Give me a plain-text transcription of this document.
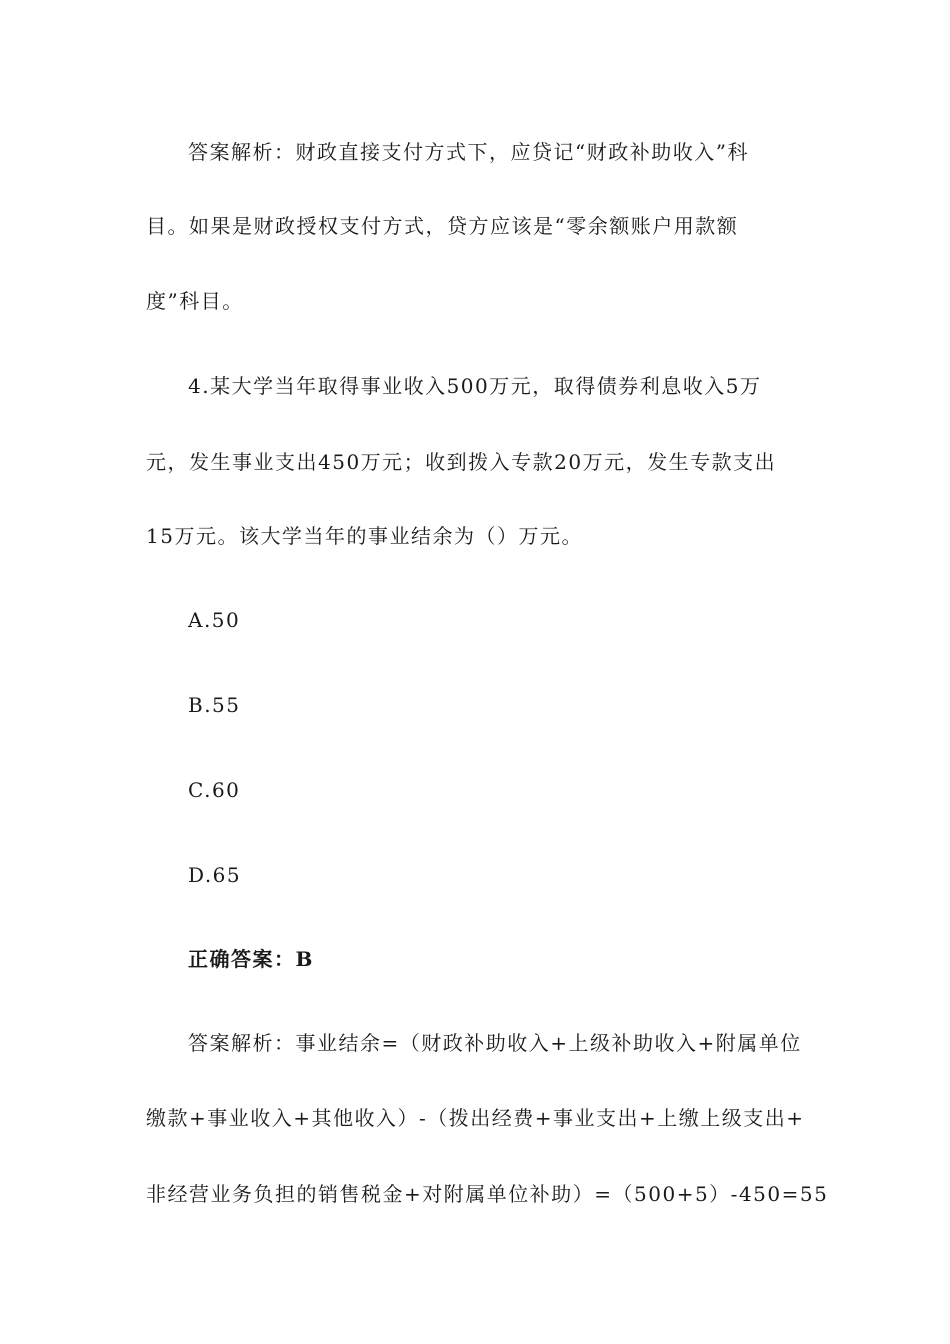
答案解析：财政直接支付方式下，应贷记“财政补助收入”科
目。如果是财政授权支付方式，贷方应该是“零余额账户用款额
度”科目。
4.某大学当年取得事业收入500万元，取得债券利息收入5万
元，发生事业支出450万元；收到拨入专款20万元，发生专款支出
15万元。该大学当年的事业结余为（）万元。
A.50
B.55
C.60
D.65
正确答案：B
答案解析：事业结余=（财政补助收入+上级补助收入+附属单位
缴款+事业收入+其他收入）-（拨出经费+事业支出+上缴上级支出+
非经营业务负担的销售税金+对附属单位补助）=（500+5）-450=55
